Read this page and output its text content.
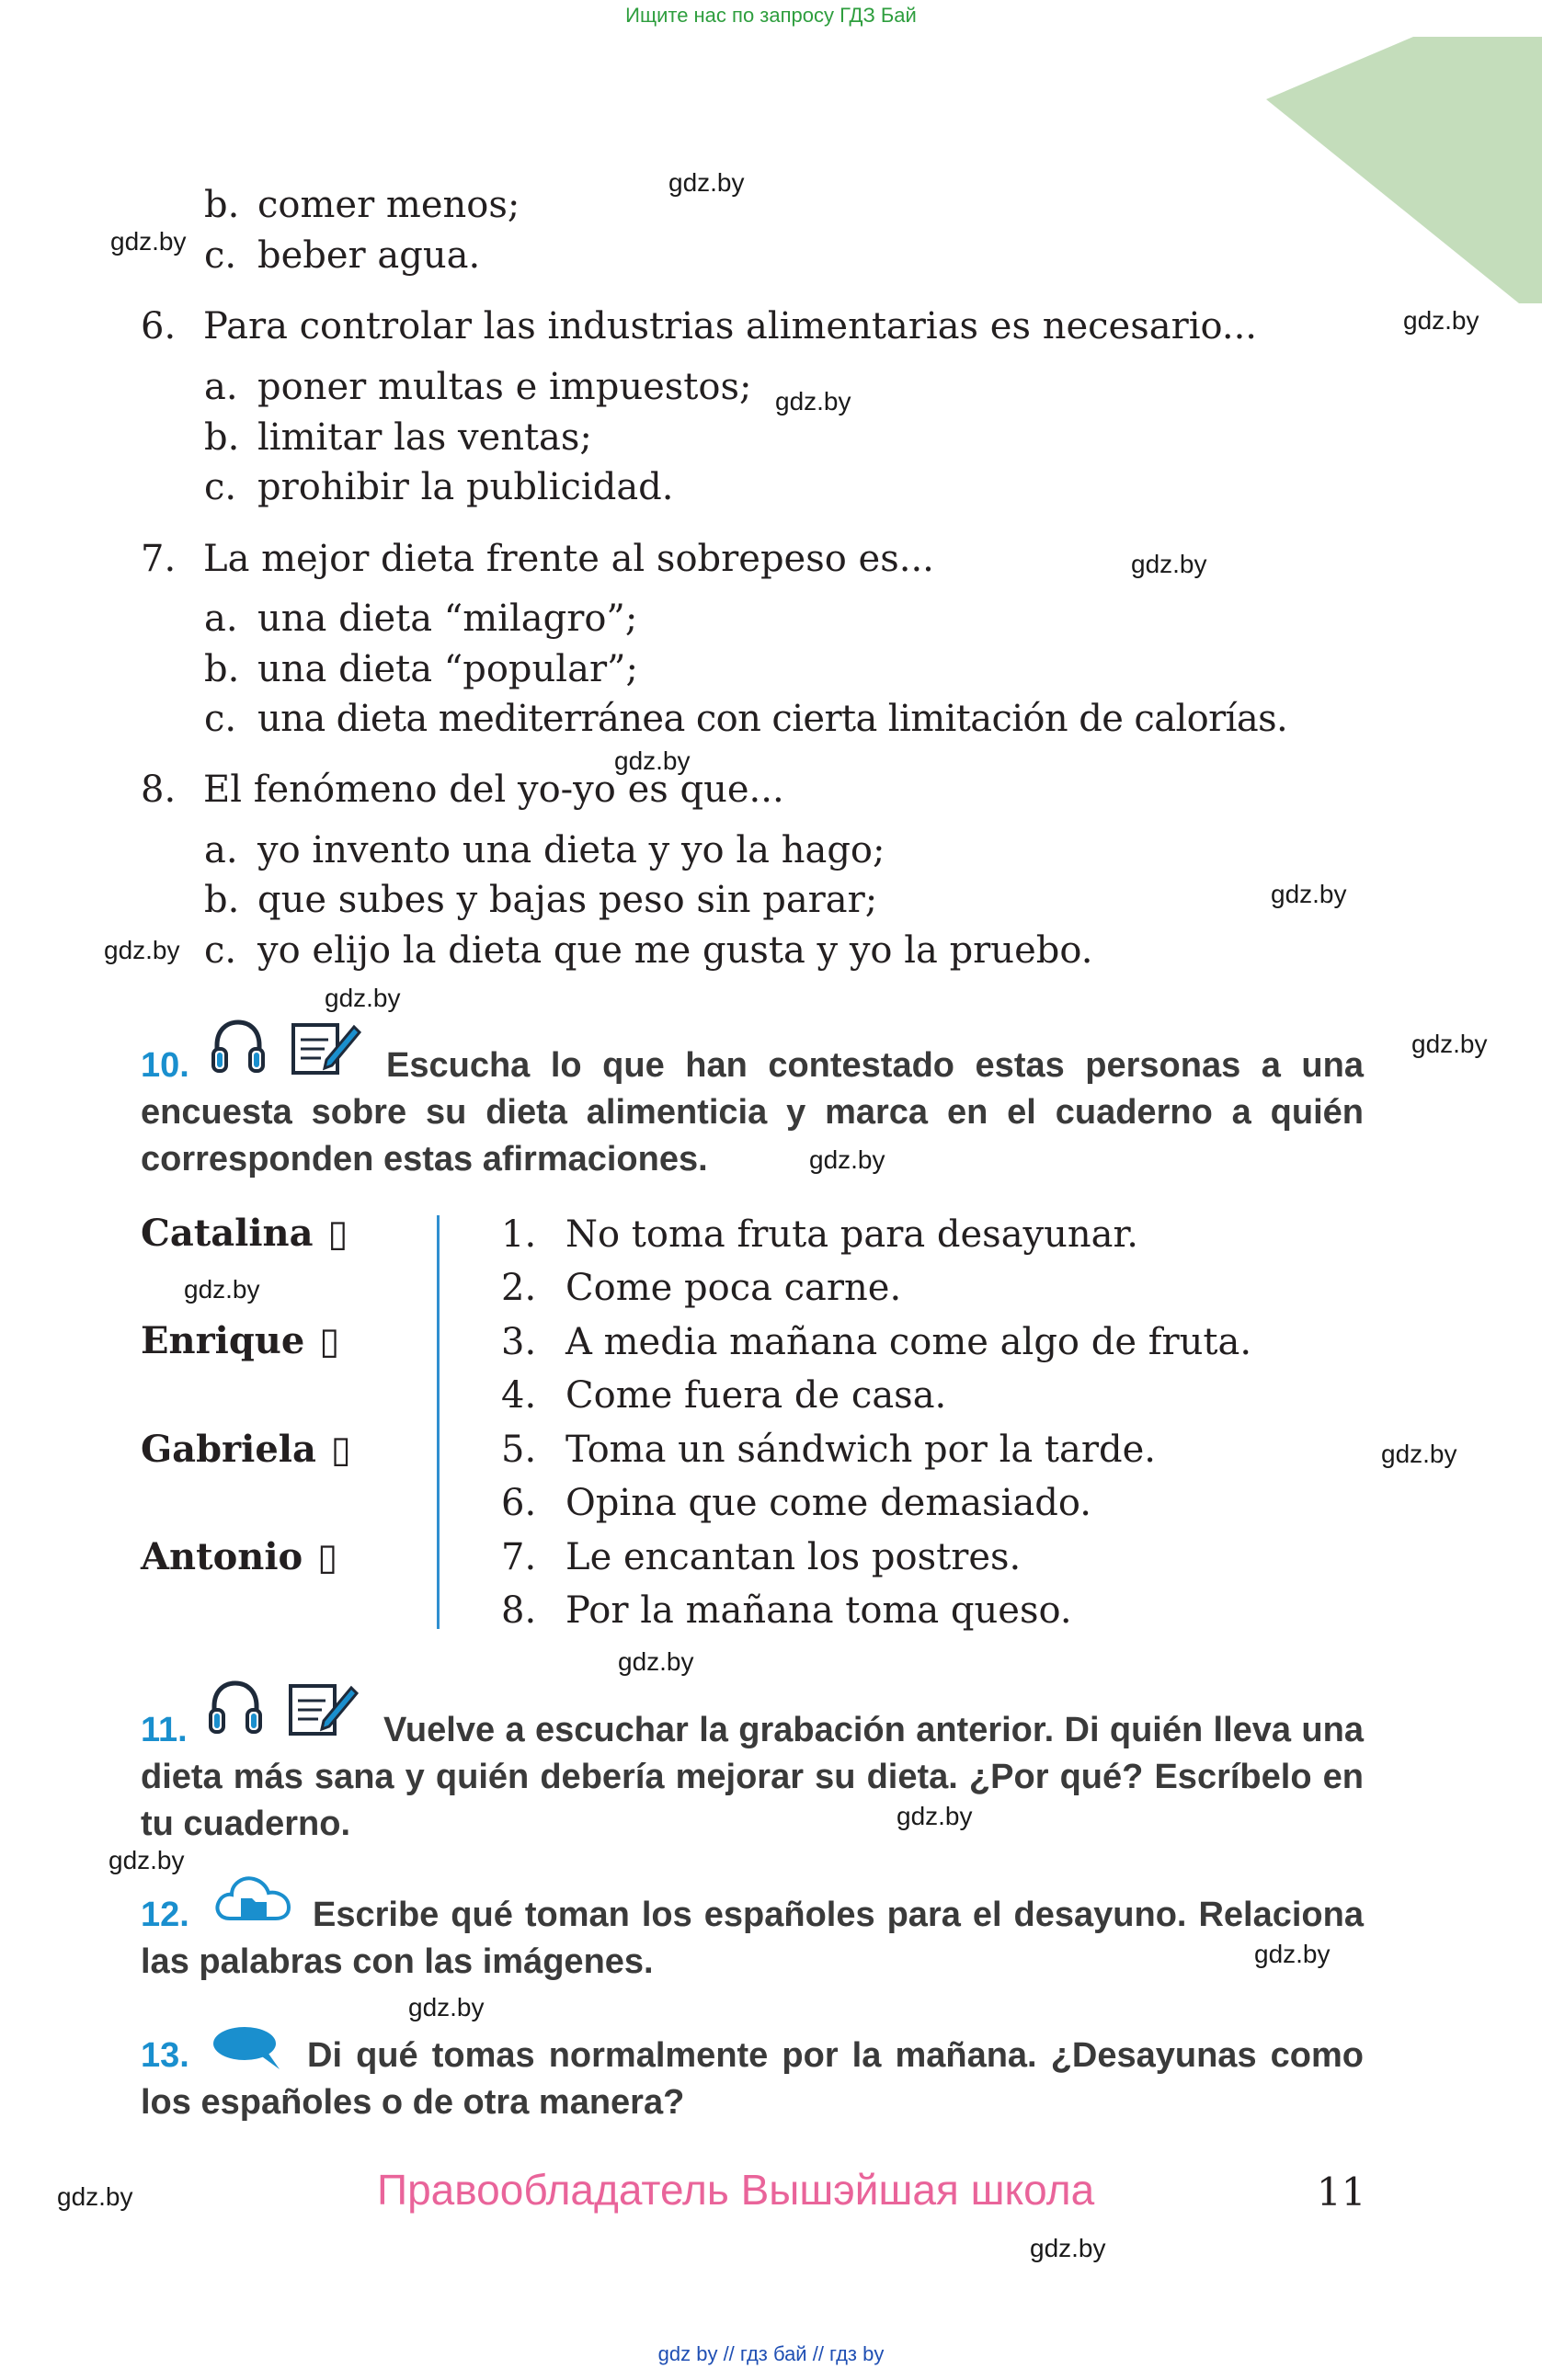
Ищите нас по запросу ГДЗ Бай
b. comer menos;
c. beber agua.
6. Para controlar las industrias alimentarias es necesario...
a. poner multas e impuestos;
b. limitar las ventas;
c. prohibir la publicidad.
7. La mejor dieta frente al sobrepeso es...
a. una dieta “milagro”;
b. una dieta “popular”;
c. una dieta mediterránea con cierta limitación de calorías.
8. El fenómeno del yo-yo es que...
a. yo invento una dieta y yo la hago;
b. que subes y bajas peso sin parar;
c. yo elijo la dieta que me gusta y yo la pruebo.
10.	Escucha lo que han contestado estas personas a una encuesta sobre su dieta alimenticia y marca en el cuaderno a quién corresponden estas afirmaciones.
Catalina ▯
Enrique ▯
Gabriela ▯
Antonio ▯
1. No toma fruta para desayunar.
2. Come poca carne.
3. A media mañana come algo de fruta.
4. Come fuera de casa.
5. Toma un sándwich por la tarde.
6. Opina que come demasiado.
7. Le encantan los postres.
8. Por la mañana toma queso.
11.	Vuelve a escuchar la grabación anterior. Di quién lleva una dieta más sana y quién debería mejorar su dieta. ¿Por qué? Escríbelo en tu cuaderno.
12.	Escribe qué toman los españoles para el desayuno. Relaciona las palabras con las imágenes.
13.	Di qué tomas normalmente por la mañana. ¿Desayunas como los españoles o de otra manera?
gdz.by
gdz.by
gdz.by
gdz.by
gdz.by
gdz.by
gdz.by
gdz.by
gdz.by
gdz.by
gdz.by
gdz.by
gdz.by
gdz.by
gdz.by
gdz.by
gdz.by
gdz.by
gdz.by
gdz.by
Правообладатель Вышэйшая школа	11
gdz by // гдз бай // гдз by
